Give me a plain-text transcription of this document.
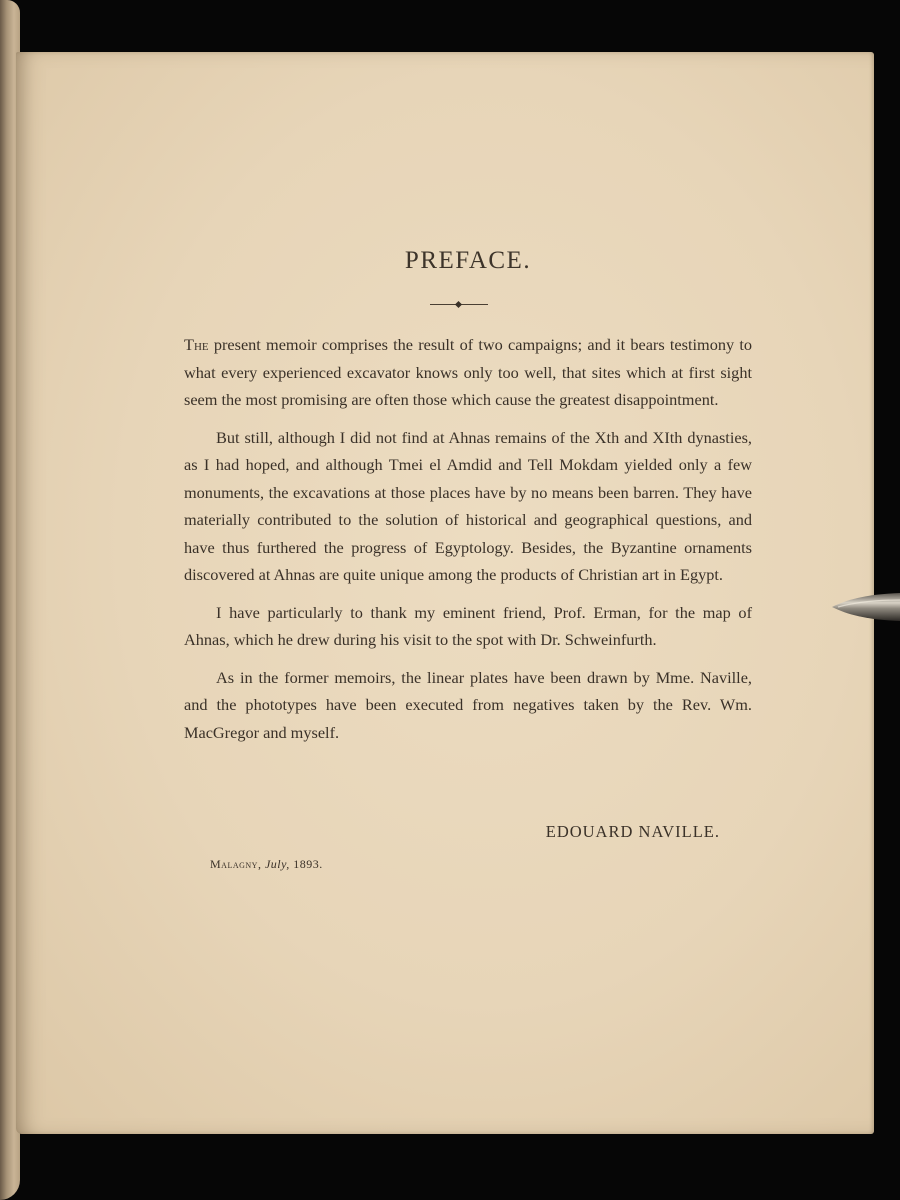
PREFACE.

The present memoir comprises the result of two campaigns; and it bears testimony to what every experienced excavator knows only too well, that sites which at first sight seem the most promising are often those which cause the greatest disappointment.

But still, although I did not find at Ahnas remains of the Xth and XIth dynasties, as I had hoped, and although Tmei el Amdid and Tell Mokdam yielded only a few monuments, the excavations at those places have by no means been barren. They have materially contributed to the solution of historical and geographical questions, and have thus furthered the progress of Egyptology. Besides, the Byzantine ornaments discovered at Ahnas are quite unique among the products of Christian art in Egypt.

I have particularly to thank my eminent friend, Prof. Erman, for the map of Ahnas, which he drew during his visit to the spot with Dr. Schweinfurth.

As in the former memoirs, the linear plates have been drawn by Mme. Naville, and the phototypes have been executed from negatives taken by the Rev. Wm. MacGregor and myself.

EDOUARD NAVILLE.
Malagny, July, 1893.
